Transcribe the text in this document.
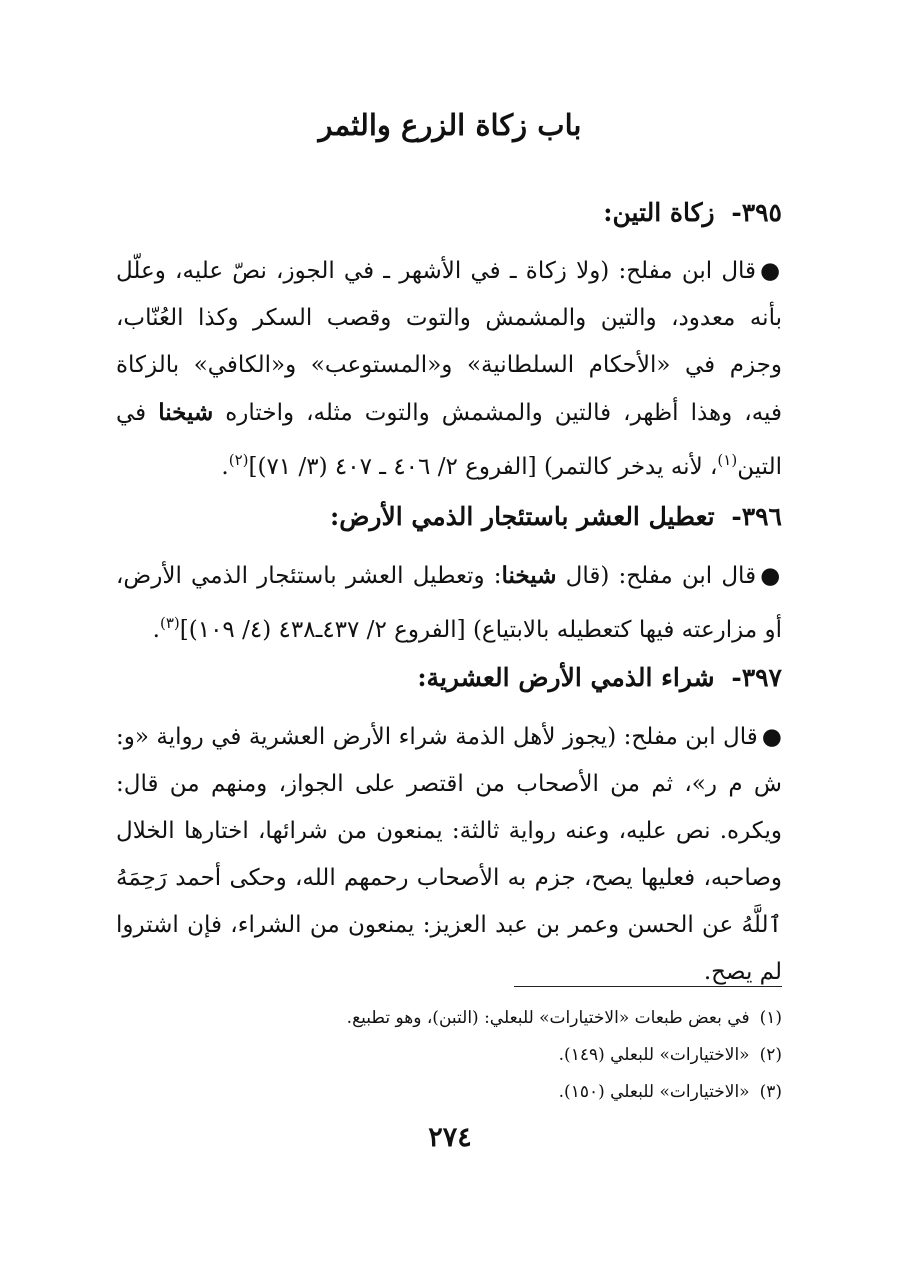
باب زكاة الزرع والثمر
٣٩٥- زكاة التين:

●قال ابن مفلح: (ولا زكاة ـ في الأشهر ـ في الجوز، نصّ عليه، وعلّل بأنه معدود، والتين والمشمش والتوت وقصب السكر وكذا العُنّاب، وجزم في «الأحكام السلطانية» و«المستوعب» و«الكافي» بالزكاة فيه، وهذا أظهر، فالتين والمشمش والتوت مثله، واختاره شيخنا في التين$^{(١)}$، لأنه يدخر كالتمر) [الفروع ٢/ ٤٠٦ ـ ٤٠٧ (٣/ ٧١)]$^{(٢)}$.

٣٩٦- تعطيل العشر باستئجار الذمي الأرض:

●قال ابن مفلح: (قال شيخنا: وتعطيل العشر باستئجار الذمي الأرض، أو مزارعته فيها كتعطيله بالابتياع) [الفروع ٢/ ٤٣٧ـ٤٣٨ (٤/ ١٠٩)]$^{(٣)}$.

٣٩٧- شراء الذمي الأرض العشرية:

●قال ابن مفلح: (يجوز لأهل الذمة شراء الأرض العشرية في رواية «و: ش م ر»، ثم من الأصحاب من اقتصر على الجواز، ومنهم من قال: ويكره. نص عليه، وعنه رواية ثالثة: يمنعون من شرائها، اختارها الخلال وصاحبه، فعليها يصح، جزم به الأصحاب رحمهم الله، وحكى أحمد رَحِمَهُ ٱللَّهُ عن الحسن وعمر بن عبد العزيز: يمنعون من الشراء، فإن اشتروا لم يصح.

(١)في بعض طبعات «الاختيارات» للبعلي: (التبن)، وهو تطبيع.
(٢)«الاختيارات» للبعلي (١٤٩).
(٣)«الاختيارات» للبعلي (١٥٠).
٢٧٤
